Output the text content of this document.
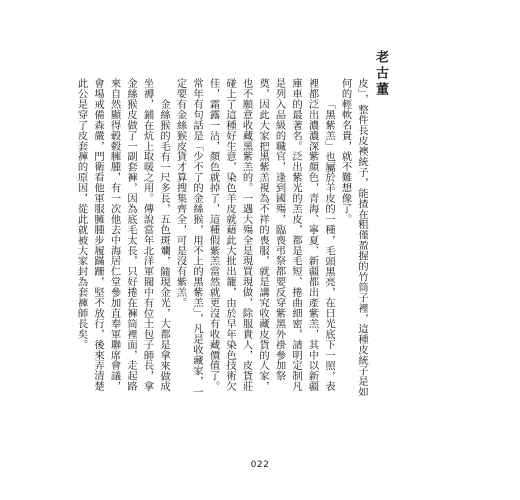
老古董

皮」，整件長皮襖統子，能揸在粗僅盈握的竹筒子裡，這種皮統子是如何的輕軟名貴，就不難想像了。

「黑紫羔」也屬於羊皮的一種，毛頭黑亮，在日光底下一照，表裡都泛出濃濃深紫顏色，青海、寧夏、新疆都出產紫羔，其中以新疆庫車的最著名。泛出紫光的羔皮，都是毛短、捲曲細密，請明定制凡是列入品級的職官，逢到國殤，臨喪弔祭都要反穿紫黑外褂參加祭奠，因此大家把黑紫羔視為不祥的喪服，就是講究收藏皮貨的人家，也不願意收藏黑紫羔的。一遇大殤全是現買現做，除服貴人，皮貨莊碰上了這種好生意，染色羊皮就藉此大批出籠，由於早年染色技術欠佳，霜露一沾，顏色就掉了，這種假紫羔當然就更沒有收藏價值了。常年有句話是「少不了的金絲猴，用不上的黑紫羔」，凡是收藏家，一定要有金絲猴皮貨才算搜集齊全，可是沒有紫羔。

金絲猴的毛有一尺多長，五色斑斕，隨現金光，大都是拿來做成坐褥，鋪在炕上取暖之用。傳說當年北洋軍閥中有位土包子師長，拿金絲猴皮做了一副套褲，因為底毛太長，只好捲在褲筒裡面，走起路來自然顯得毂毂臃腫，有一次他去中海居仁堂參加直奉軍聯席會議，會場戒備森嚴，門衛看他軍服臃腫步履蹣跚，堅不放行，後來弄清楚此公是穿了皮套褲的原因，從此就被大家封為套褲師長矣。

022
